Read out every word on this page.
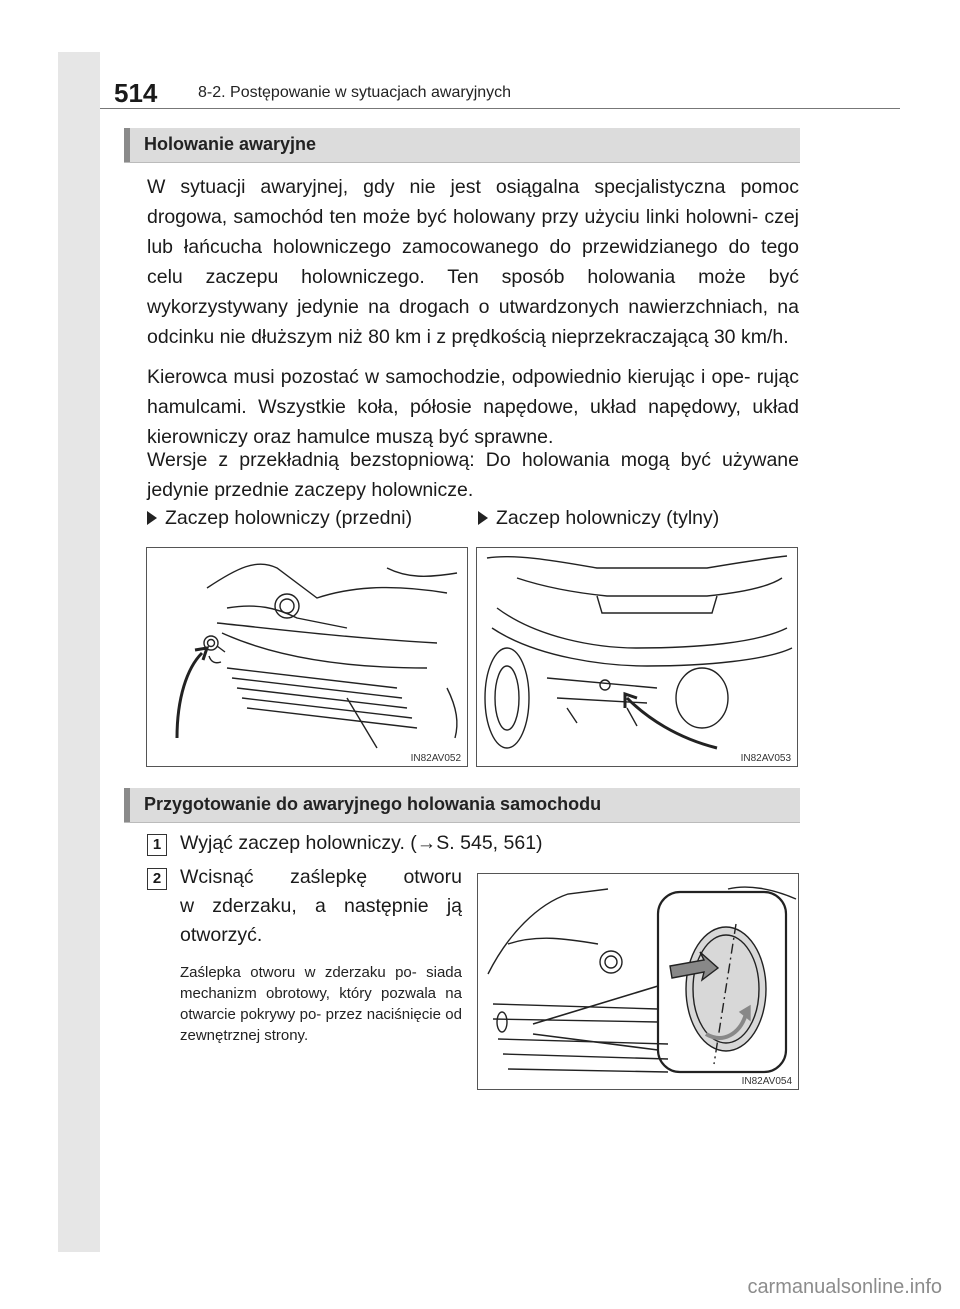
514	8-2. Postępowanie w sytuacjach awaryjnych
Holowanie awaryjne
W sytuacji awaryjnej, gdy nie jest osiągalna specjalistyczna pomoc drogowa, samochód ten może być holowany przy użyciu linki holowni- czej lub łańcucha holowniczego zamocowanego do przewidzianego do tego celu zaczepu holowniczego. Ten sposób holowania może być wykorzystywany jedynie na drogach o utwardzonych nawierzchniach, na odcinku nie dłuższym niż 80 km i z prędkością nieprzekraczającą 30 km/h.
Kierowca musi pozostać w samochodzie, odpowiednio kierując i ope- rując hamulcami. Wszystkie koła, półosie napędowe, układ napędowy, układ kierowniczy oraz hamulce muszą być sprawne.
Wersje z przekładnią bezstopniową: Do holowania mogą być używane jedynie przednie zaczepy holownicze.
Zaczep holowniczy (przedni)	Zaczep holowniczy (tylny)
IN82AV052	IN82AV053
Przygotowanie do awaryjnego holowania samochodu
1 Wyjąć zaczep holowniczy. (→S. 545, 561)
2 Wcisnąć zaślepkę otworu
w zderzaku, a następnie ją
otworzyć.
Zaślepka otworu w zderzaku po- siada mechanizm obrotowy, który pozwala na otwarcie pokrywy po- przez naciśnięcie od zewnętrznej strony.
IN82AV054
carmanualsonline.info
